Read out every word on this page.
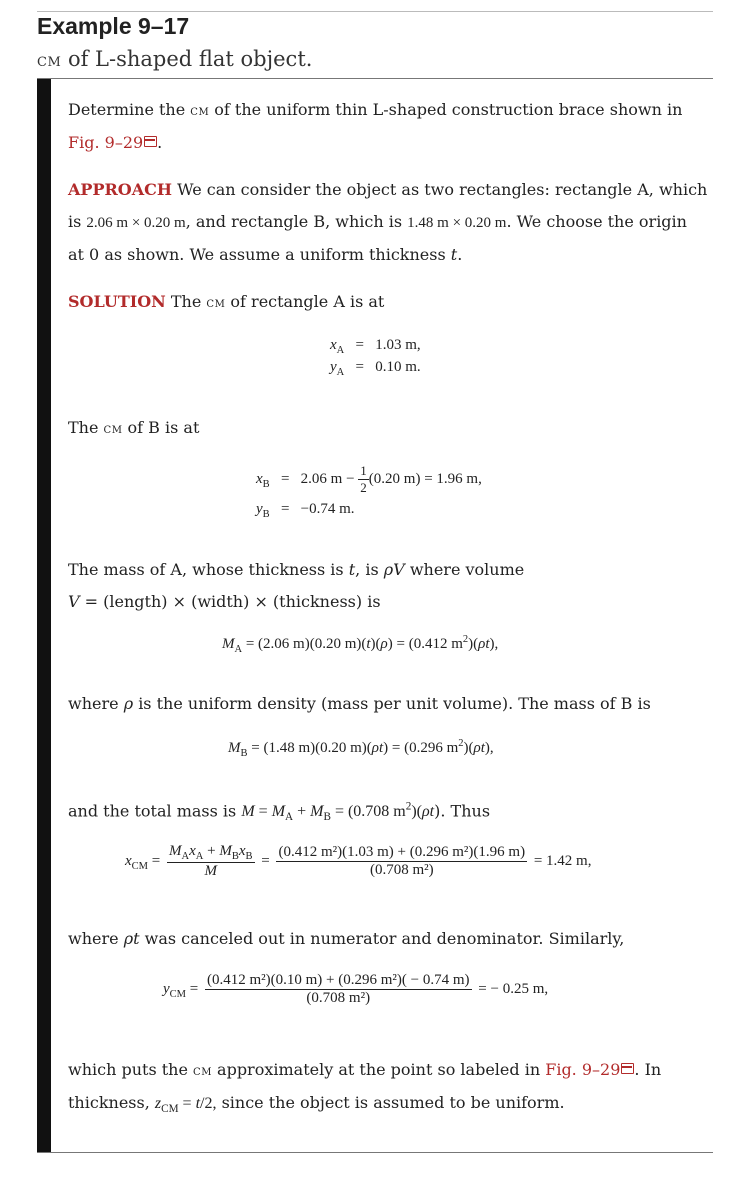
Example 9–17
cm of L-shaped flat object.
Determine the cm of the uniform thin L-shaped construction brace shown in
Fig. 9–29 .
APPROACH We can consider the object as two rectangles: rectangle A, which is 2.06 m × 0.20 m, and rectangle B, which is 1.48 m × 0.20 m. We choose the origin at 0 as shown. We assume a uniform thickness t.
SOLUTION The cm of rectangle A is at
$x_A = 1.03$ m,
$y_A = 0.10$ m.
The cm of B is at
$x_B = 2.06$ $m - \frac{1}{2} (0.20$ m) = 1.96 m,
$y_B = -0.74$ m.
The mass of A, whose thickness is t, is ρV where volume
V = (length) × (width) × (thickness) is
$M_A = (2.06$ m)(0.20 m)(t)(ρ) = (0.412 $m^2)(\rho t)$,
where ρ is the uniform density (mass per unit volume). The mass of B is
$M_B = (1.48$ m)(0.20 m)(ρt) = (0.296 $m^2)(\rho t)$,
and the total mass is $M = M_A + M_B = (0.708$ $m^2)(\rho t)$. Thus
$x_{CM} = \frac{M_Ax_A + M_Bx_B}{M} = \frac{\text{(0.412 m²)(1.03 m) + (0.296 m²)(1.96 m)}}{\text{(0.708 m²)}} = 1.42$ m,
where ρt was canceled out in numerator and denominator. Similarly,
$y_{CM} = \frac{\text{(0.412 m²)(0.10 m) + (0.296 m²)( − 0.74 m)}}{\text{(0.708 m²)}}$ = − 0.25 m,
which puts the cm approximately at the point so labeled in Fig. 9–29 . In
thickness, $z_{CM} = t/2$, since the object is assumed to be uniform.
